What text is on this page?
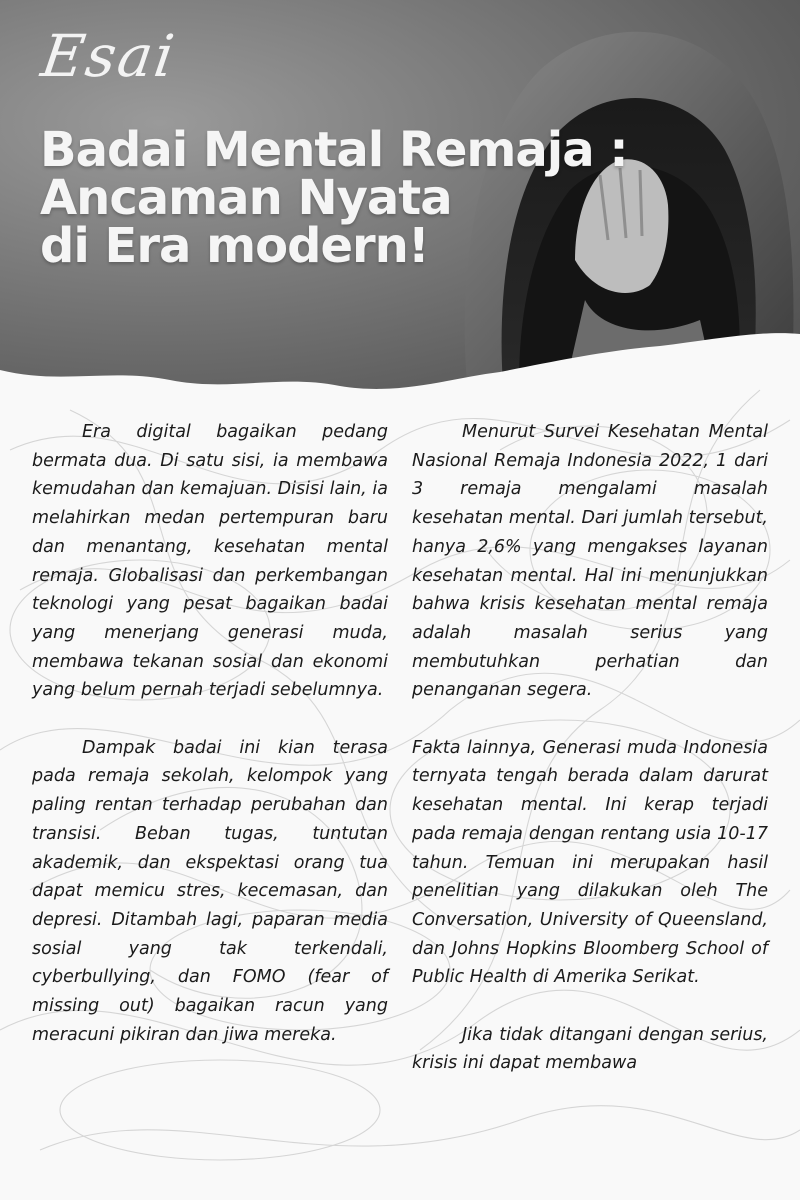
Esai
Badai Mental Remaja :
Ancaman Nyata
di Era modern!

Era digital bagaikan pedang bermata dua. Di satu sisi, ia membawa kemudahan dan kemajuan. Disisi lain, ia melahirkan medan pertempuran baru dan menantang, kesehatan mental remaja. Globalisasi dan perkembangan teknologi yang pesat bagaikan badai yang menerjang generasi muda, membawa tekanan sosial dan ekonomi yang belum pernah terjadi sebelumnya.

Dampak badai ini kian terasa pada remaja sekolah, kelompok yang paling rentan terhadap perubahan dan transisi. Beban tugas, tuntutan akademik, dan ekspektasi orang tua dapat memicu stres, kecemasan, dan depresi. Ditambah lagi, paparan media sosial yang tak terkendali, cyberbullying, dan FOMO (fear of missing out) bagaikan racun yang meracuni pikiran dan jiwa mereka.

Menurut Survei Kesehatan Mental Nasional Remaja Indonesia 2022, 1 dari 3 remaja mengalami masalah kesehatan mental. Dari jumlah tersebut, hanya 2,6% yang mengakses layanan kesehatan mental. Hal ini menunjukkan bahwa krisis kesehatan mental remaja adalah masalah serius yang membutuhkan perhatian dan penanganan segera.

Fakta lainnya, Generasi muda Indonesia ternyata tengah berada dalam darurat kesehatan mental. Ini kerap terjadi pada remaja dengan rentang usia 10-17 tahun. Temuan ini merupakan hasil penelitian yang dilakukan oleh The Conversation, University of Queensland, dan Johns Hopkins Bloomberg School of Public Health di Amerika Serikat.

Jika tidak ditangani dengan serius, krisis ini dapat membawa
